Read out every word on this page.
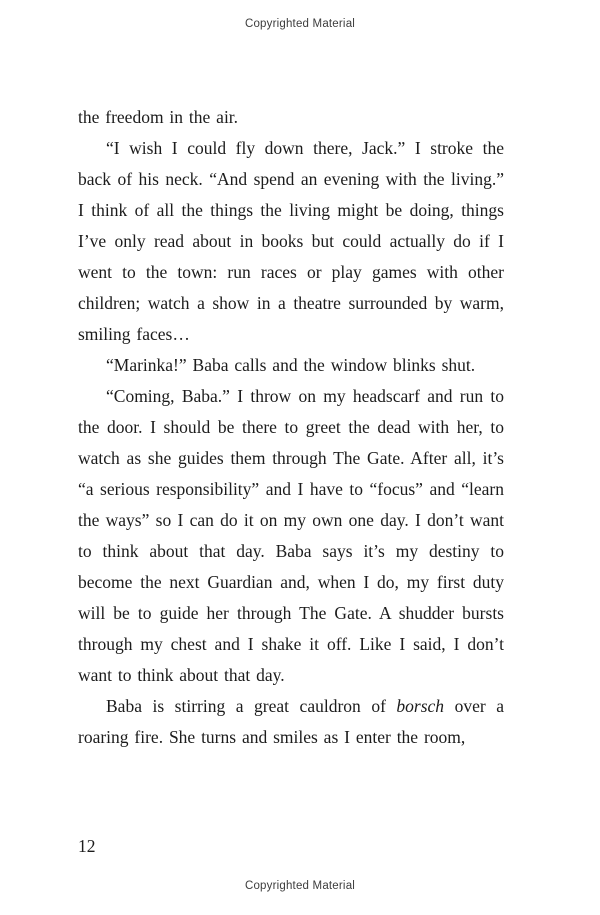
Copyrighted Material

the freedom in the air.

“I wish I could fly down there, Jack.” I stroke the back of his neck. “And spend an evening with the living.” I think of all the things the living might be doing, things I’ve only read about in books but could actually do if I went to the town: run races or play games with other children; watch a show in a theatre surrounded by warm, smiling faces…

“Marinka!” Baba calls and the window blinks shut.

“Coming, Baba.” I throw on my headscarf and run to the door. I should be there to greet the dead with her, to watch as she guides them through The Gate. After all, it’s “a serious responsibility” and I have to “focus” and “learn the ways” so I can do it on my own one day. I don’t want to think about that day. Baba says it’s my destiny to become the next Guardian and, when I do, my first duty will be to guide her through The Gate. A shudder bursts through my chest and I shake it off. Like I said, I don’t want to think about that day.

Baba is stirring a great cauldron of borsch over a roaring fire. She turns and smiles as I enter the room,

12
Copyrighted Material
